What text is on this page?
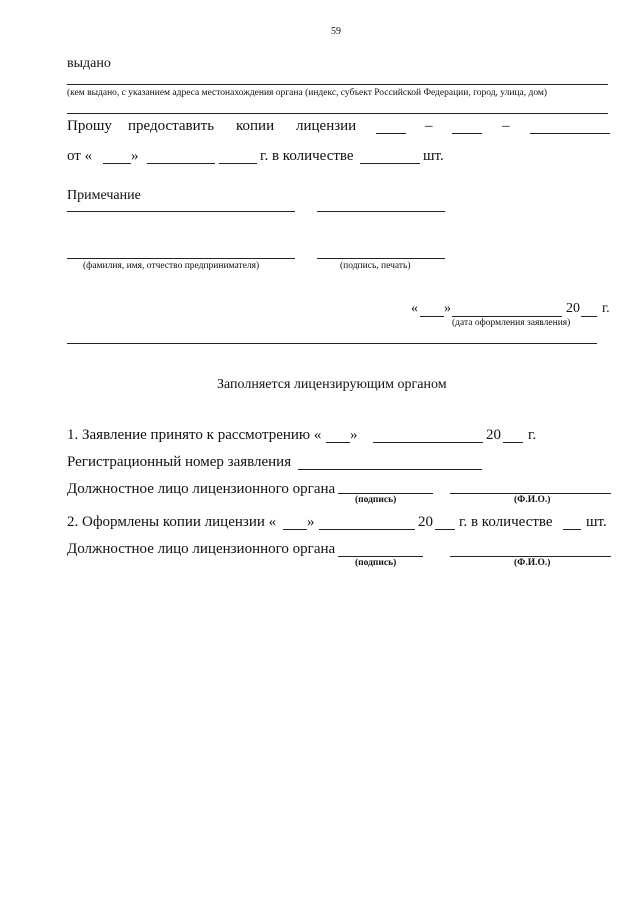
59
выдано
(кем выдано, с указанием адреса местонахождения органа (индекс, субъект Российской Федерации, город, улица, дом)
Прошу предоставить копии лицензии	–	–
от «	»	г. в количестве	шт.
Примечание
(фамилия, имя, отчество предпринимателя)	(подпись, печать)
« »	20 г.
(дата оформления заявления)
Заполняется лицензирующим органом
1. Заявление принято к рассмотрению « »	20 г.
Регистрационный номер заявления
Должностное лицо лицензионного органа
(подпись)	(Ф.И.О.)
2. Оформлены копии лицензии « »	20 г. в количестве шт.
Должностное лицо лицензионного органа
(подпись)	(Ф.И.О.)
